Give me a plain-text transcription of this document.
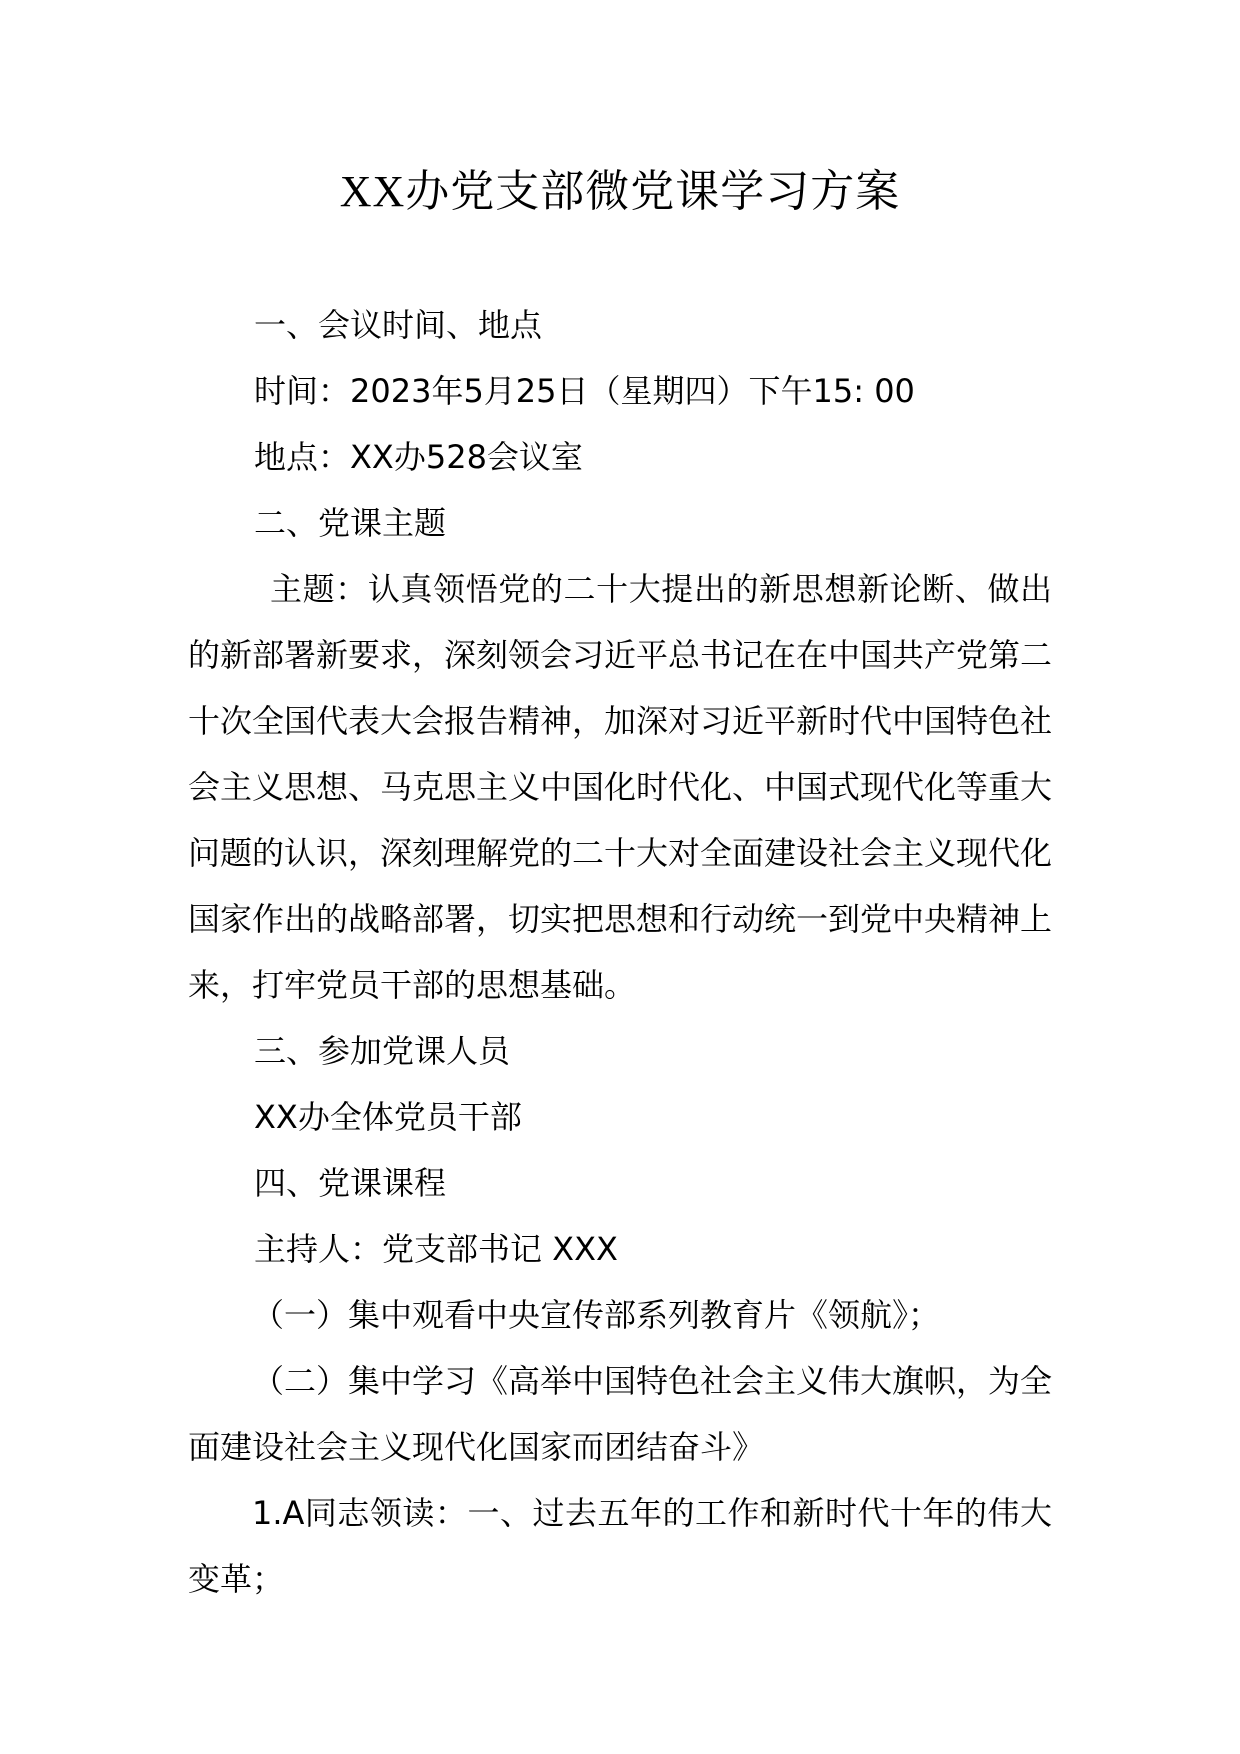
XX办党支部微党课学习方案

一、会议时间、地点

时间：2023年5月25日（星期四）下午15: 00

地点：XX办528会议室

二、党课主题

主题：认真领悟党的二十大提出的新思想新论断、做出的新部署新要求，深刻领会习近平总书记在在中国共产党第二十次全国代表大会报告精神，加深对习近平新时代中国特色社会主义思想、马克思主义中国化时代化、中国式现代化等重大问题的认识，深刻理解党的二十大对全面建设社会主义现代化国家作出的战略部署，切实把思想和行动统一到党中央精神上来，打牢党员干部的思想基础。

三、参加党课人员

XX办全体党员干部

四、党课课程

主持人：党支部书记 XXX

（一）集中观看中央宣传部系列教育片《领航》；

（二）集中学习《高举中国特色社会主义伟大旗帜，为全面建设社会主义现代化国家而团结奋斗》

1.A同志领读：一、过去五年的工作和新时代十年的伟大变革；
